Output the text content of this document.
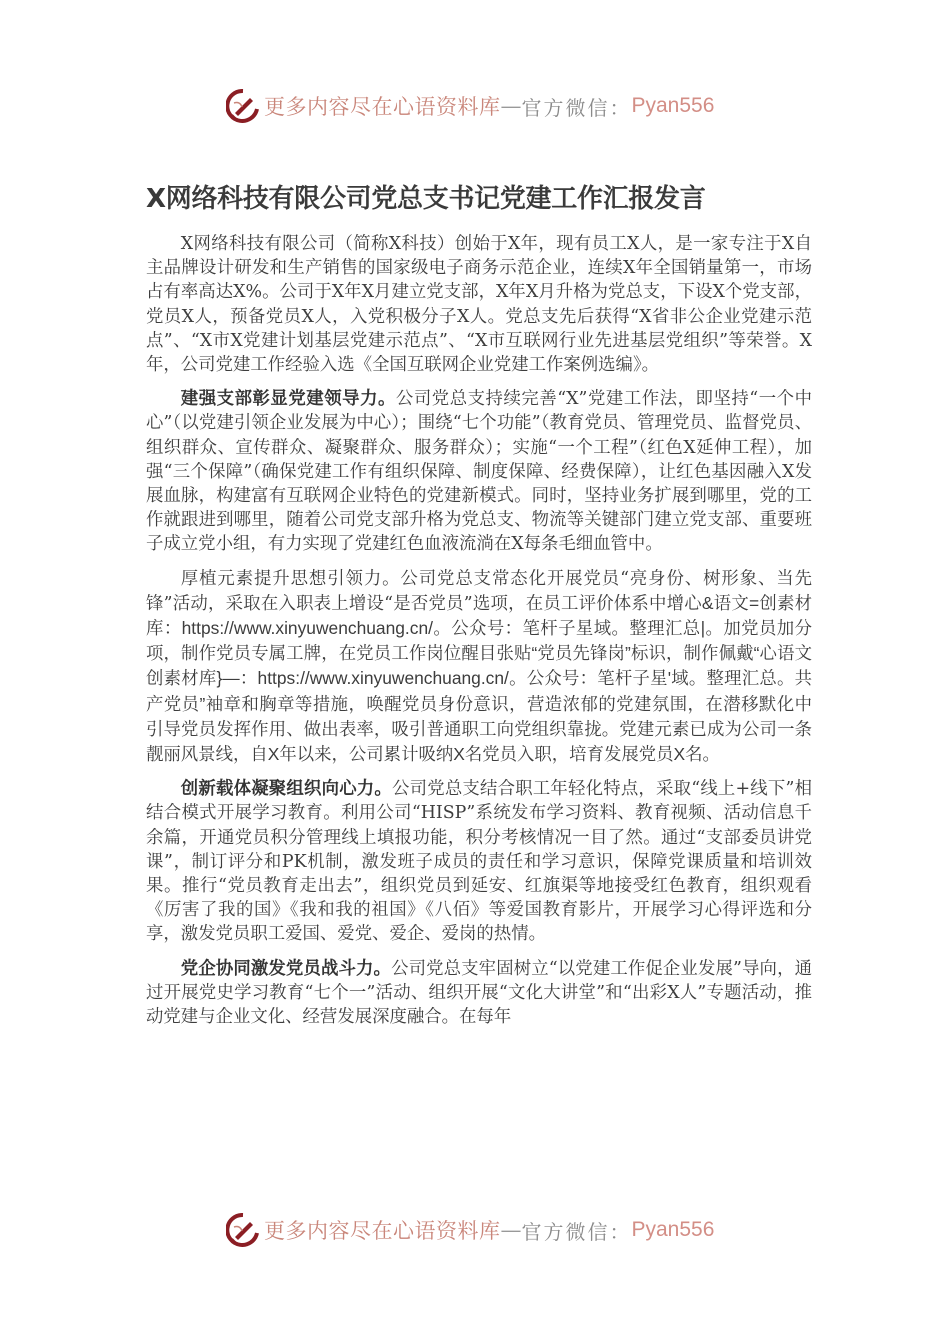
更多内容尽在心语资料库 — 官方微信： Pyan556
X网络科技有限公司党总支书记党建工作汇报发言

X网络科技有限公司（简称X科技）创始于X年，现有员工X人，是一家专注于X自主品牌设计研发和生产销售的国家级电子商务示范企业，连续X年全国销量第一，市场占有率高达X%。公司于X年X月建立党支部，X年X月升格为党总支，下设X个党支部，党员X人，预备党员X人，入党积极分子X人。党总支先后获得“X省非公企业党建示范点”、“X市X党建计划基层党建示范点”、“X市互联网行业先进基层党组织”等荣誉。X年，公司党建工作经验入选《全国互联网企业党建工作案例选编》。

建强支部彰显党建领导力。公司党总支持续完善“X”党建工作法，即坚持“一个中心”（以党建引领企业发展为中心）；围绕“七个功能”（教育党员、管理党员、监督党员、组织群众、宣传群众、凝聚群众、服务群众）；实施“一个工程”（红色X延伸工程），加强“三个保障”（确保党建工作有组织保障、制度保障、经费保障），让红色基因融入X发展血脉，构建富有互联网企业特色的党建新模式。同时，坚持业务扩展到哪里，党的工作就跟进到哪里，随着公司党支部升格为党总支、物流等关键部门建立党支部、重要班子成立党小组，有力实现了党建红色血液流淌在X每条毛细血管中。

厚植元素提升思想引领力。公司党总支常态化开展党员“亮身份、树形象、当先锋”活动，采取在入职表上增设“是否党员”选项，在员工评价体系中增心&语文=创素材库：https://www.xinyuwenchuang.cn/。公众号：笔杆子星域。整理汇总|。加党员加分项，制作党员专属工牌，在党员工作岗位醒目张贴“党员先锋岗”标识，制作佩戴“心语文创素材库}—：https://www.xinyuwenchuang.cn/。公众号：笔杆子星'域。整理汇总。共产党员”袖章和胸章等措施，唤醒党员身份意识，营造浓郁的党建氛围，在潜移默化中引导党员发挥作用、做出表率，吸引普通职工向党组织靠拢。党建元素已成为公司一条靓丽风景线，自X年以来，公司累计吸纳X名党员入职，培育发展党员X名。

创新载体凝聚组织向心力。公司党总支结合职工年轻化特点，采取“线上+线下”相结合模式开展学习教育。利用公司“HISP”系统发布学习资料、教育视频、活动信息千余篇，开通党员积分管理线上填报功能，积分考核情况一目了然。通过“支部委员讲党课”，制订评分和PK机制，激发班子成员的责任和学习意识，保障党课质量和培训效果。推行“党员教育走出去”，组织党员到延安、红旗渠等地接受红色教育，组织观看《厉害了我的国》《我和我的祖国》《八佰》等爱国教育影片，开展学习心得评选和分享，激发党员职工爱国、爱党、爱企、爱岗的热情。

党企协同激发党员战斗力。公司党总支牢固树立“以党建工作促企业发展”导向，通过开展党史学习教育“七个一”活动、组织开展“文化大讲堂”和“出彩X人”专题活动，推动党建与企业文化、经营发展深度融合。在每年

更多内容尽在心语资料库 — 官方微信： Pyan556
